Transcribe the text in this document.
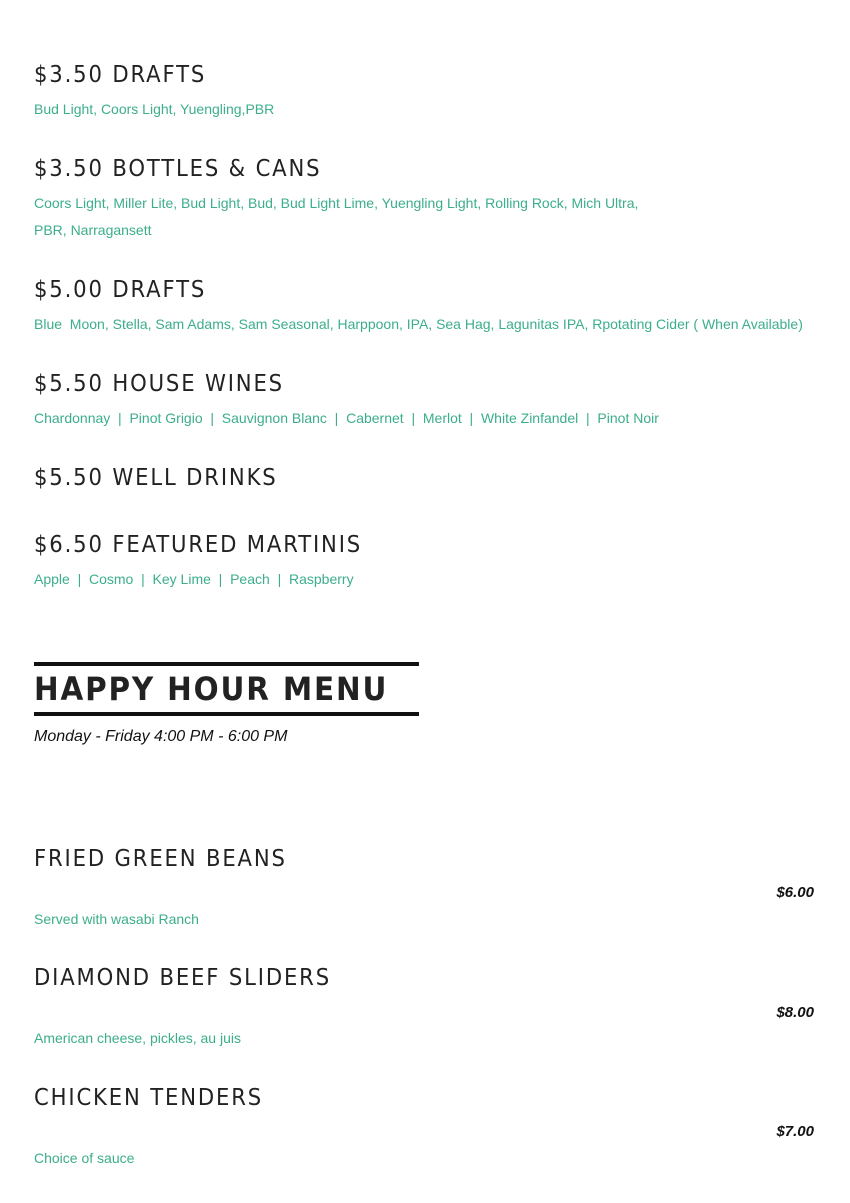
$3.50 DRAFTS

Bud Light, Coors Light, Yuengling,PBR

$3.50 BOTTLES & CANS

Coors Light, Miller Lite, Bud Light, Bud, Bud Light Lime, Yuengling Light, Rolling Rock, Mich Ultra,

PBR, Narragansett

$5.00 DRAFTS

Blue  Moon, Stella, Sam Adams, Sam Seasonal, Harppoon, IPA, Sea Hag, Lagunitas IPA, Rpotating Cider ( When Available)

$5.50 HOUSE WINES

Chardonnay  |  Pinot Grigio  |  Sauvignon Blanc  |  Cabernet  |  Merlot  |  White Zinfandel  |  Pinot Noir

$5.50 WELL DRINKS
$6.50 FEATURED MARTINIS

Apple  |  Cosmo  |  Key Lime  |  Peach  |  Raspberry

HAPPY HOUR MENU

Monday - Friday 4:00 PM - 6:00 PM

FRIED GREEN BEANS
$6.00

Served with wasabi Ranch

DIAMOND BEEF SLIDERS
$8.00

American cheese, pickles, au juis

CHICKEN TENDERS
$7.00

Choice of sauce
